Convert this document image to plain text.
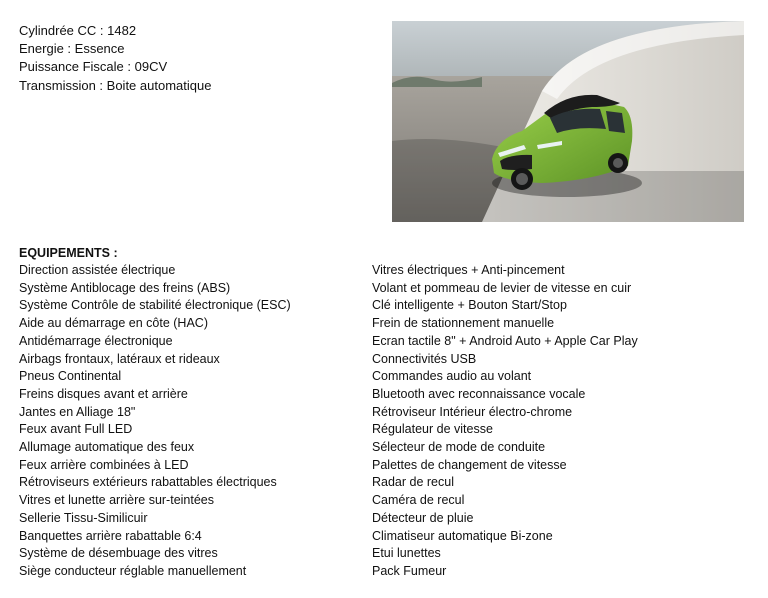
Cylindrée CC : 1482
Energie : Essence
Puissance Fiscale : 09CV
Transmission : Boite automatique
EQUIPEMENTS :
Direction assistée électrique
Système Antiblocage des freins (ABS)
Système Contrôle de stabilité électronique (ESC)
Aide au démarrage en côte (HAC)
Antidémarrage électronique
Airbags frontaux, latéraux et rideaux
Pneus Continental
Freins disques avant et arrière
Jantes en Alliage 18"
Feux avant Full LED
Allumage automatique des feux
Feux arrière combinées à LED
Rétroviseurs extérieurs rabattables électriques
Vitres et lunette arrière sur-teintées
Sellerie Tissu-Similicuir
Banquettes arrière rabattable 6:4
Système de désembuage des vitres
Siège conducteur réglable manuellement
Vitres électriques + Anti-pincement
Volant et pommeau de levier de vitesse en cuir
Clé intelligente + Bouton Start/Stop
Frein de stationnement manuelle
Ecran tactile 8" + Android Auto + Apple Car Play
Connectivités USB
Commandes audio au volant
Bluetooth avec reconnaissance vocale
Rétroviseur Intérieur électro-chrome
Régulateur de vitesse
Sélecteur de mode de conduite
Palettes de changement de vitesse
Radar de recul
Caméra de recul
Détecteur de pluie
Climatiseur automatique Bi-zone
Etui lunettes
Pack Fumeur
